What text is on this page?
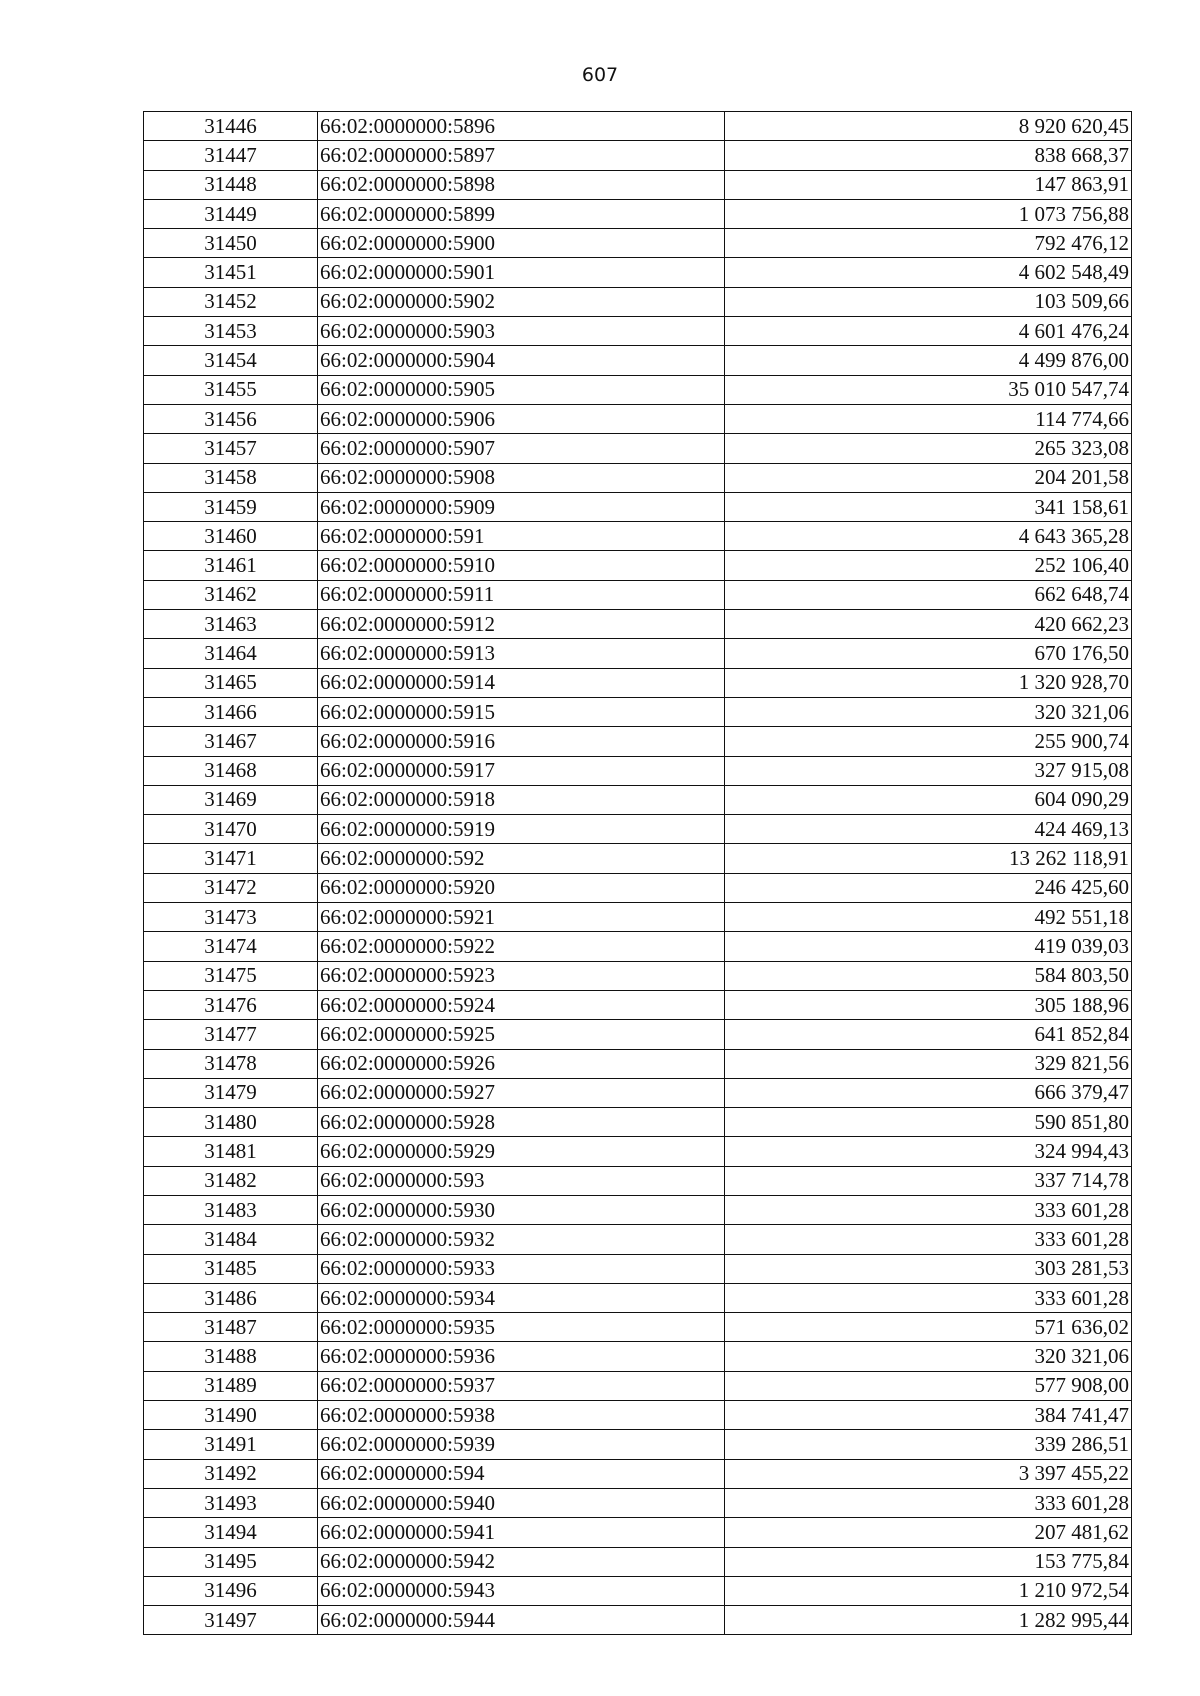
607
31446	66:02:0000000:5896	8 920 620,45
31447	66:02:0000000:5897	838 668,37
31448	66:02:0000000:5898	147 863,91
31449	66:02:0000000:5899	1 073 756,88
31450	66:02:0000000:5900	792 476,12
31451	66:02:0000000:5901	4 602 548,49
31452	66:02:0000000:5902	103 509,66
31453	66:02:0000000:5903	4 601 476,24
31454	66:02:0000000:5904	4 499 876,00
31455	66:02:0000000:5905	35 010 547,74
31456	66:02:0000000:5906	114 774,66
31457	66:02:0000000:5907	265 323,08
31458	66:02:0000000:5908	204 201,58
31459	66:02:0000000:5909	341 158,61
31460	66:02:0000000:591	4 643 365,28
31461	66:02:0000000:5910	252 106,40
31462	66:02:0000000:5911	662 648,74
31463	66:02:0000000:5912	420 662,23
31464	66:02:0000000:5913	670 176,50
31465	66:02:0000000:5914	1 320 928,70
31466	66:02:0000000:5915	320 321,06
31467	66:02:0000000:5916	255 900,74
31468	66:02:0000000:5917	327 915,08
31469	66:02:0000000:5918	604 090,29
31470	66:02:0000000:5919	424 469,13
31471	66:02:0000000:592	13 262 118,91
31472	66:02:0000000:5920	246 425,60
31473	66:02:0000000:5921	492 551,18
31474	66:02:0000000:5922	419 039,03
31475	66:02:0000000:5923	584 803,50
31476	66:02:0000000:5924	305 188,96
31477	66:02:0000000:5925	641 852,84
31478	66:02:0000000:5926	329 821,56
31479	66:02:0000000:5927	666 379,47
31480	66:02:0000000:5928	590 851,80
31481	66:02:0000000:5929	324 994,43
31482	66:02:0000000:593	337 714,78
31483	66:02:0000000:5930	333 601,28
31484	66:02:0000000:5932	333 601,28
31485	66:02:0000000:5933	303 281,53
31486	66:02:0000000:5934	333 601,28
31487	66:02:0000000:5935	571 636,02
31488	66:02:0000000:5936	320 321,06
31489	66:02:0000000:5937	577 908,00
31490	66:02:0000000:5938	384 741,47
31491	66:02:0000000:5939	339 286,51
31492	66:02:0000000:594	3 397 455,22
31493	66:02:0000000:5940	333 601,28
31494	66:02:0000000:5941	207 481,62
31495	66:02:0000000:5942	153 775,84
31496	66:02:0000000:5943	1 210 972,54
31497	66:02:0000000:5944	1 282 995,44
